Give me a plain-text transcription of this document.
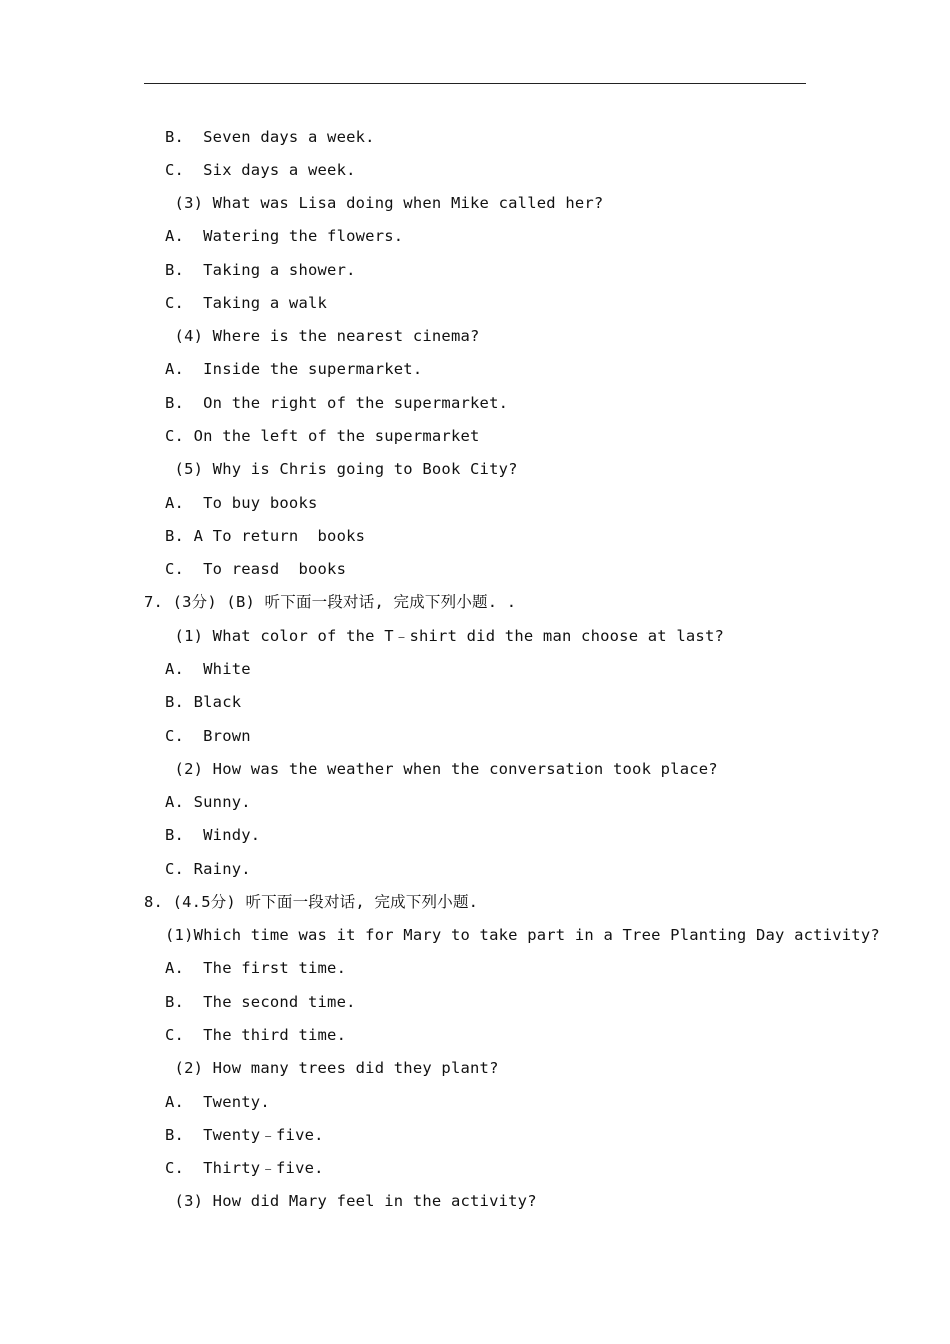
B.  Seven days a week.
C.  Six days a week.
(3) What was Lisa doing when Mike called her?
A.  Watering the flowers.
B.  Taking a shower.
C.  Taking a walk
(4) Where is the nearest cinema?
A.  Inside the supermarket.
B.  On the right of the supermarket.
C. On the left of the supermarket
(5) Why is Chris going to Book City?
A.  To buy books
B. A To return  books
C.  To reasd  books
7. (3分) (B) 听下面一段对话, 完成下列小题. .
(1) What color of the T﹣shirt did the man choose at last?
A.  White
B. Black
C.  Brown
(2) How was the weather when the conversation took place?
A. Sunny.
B.  Windy.
C. Rainy.
8. (4.5分) 听下面一段对话, 完成下列小题.
(1)Which time was it for Mary to take part in a Tree Planting Day activity?
A.  The first time.
B.  The second time.
C.  The third time.
(2) How many trees did they plant?
A.  Twenty.
B.  Twenty﹣five.
C.  Thirty﹣five.
(3) How did Mary feel in the activity?
